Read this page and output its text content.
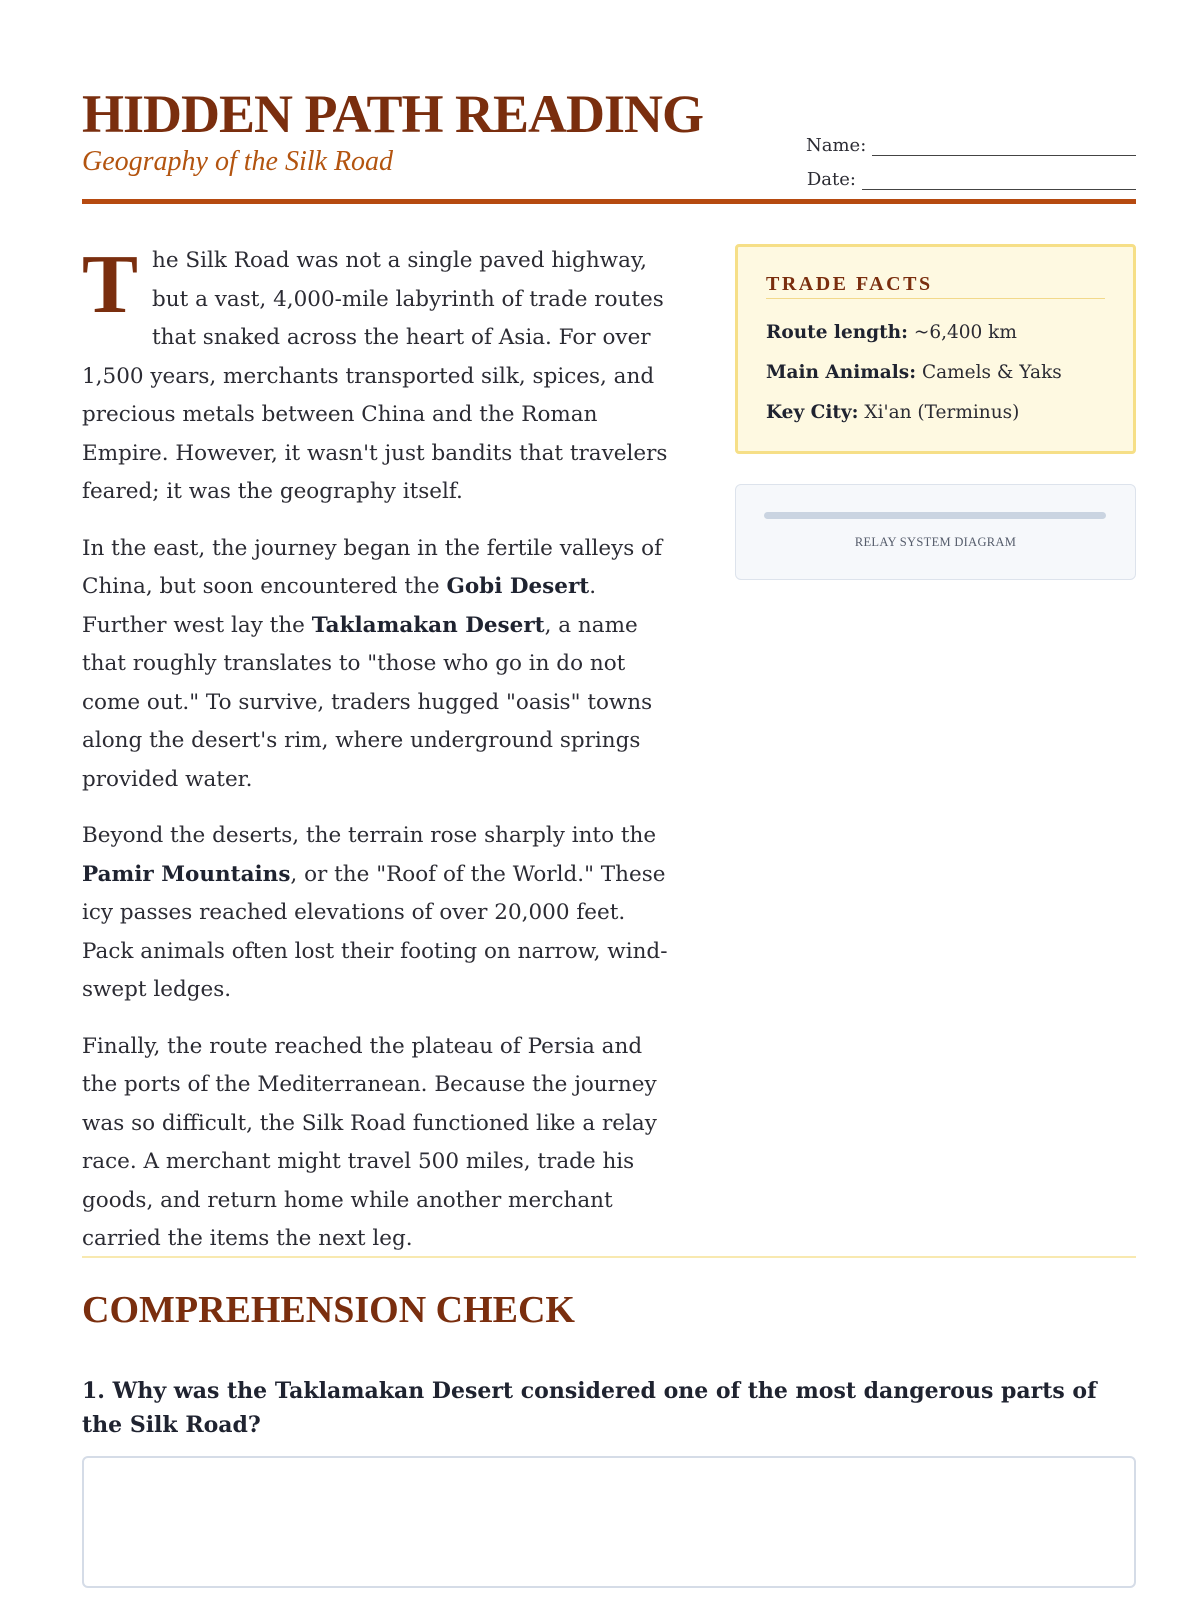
HIDDEN PATH READING
Geography of the Silk Road
Name:
Date:

The Silk Road was not a single paved highway, but a vast, 4,000-mile labyrinth of trade routes that snaked across the heart of Asia. For over 1,500 years, merchants transported silk, spices, and precious metals between China and the Roman Empire. However, it wasn't just bandits that travelers feared; it was the geography itself.

In the east, the journey began in the fertile valleys of China, but soon encountered the Gobi Desert. Further west lay the Taklamakan Desert, a name that roughly translates to "those who go in do not come out." To survive, traders hugged "oasis" towns along the desert's rim, where underground springs provided water.

Beyond the deserts, the terrain rose sharply into the Pamir Mountains, or the "Roof of the World." These icy passes reached elevations of over 20,000 feet. Pack animals often lost their footing on narrow, wind-swept ledges.

Finally, the route reached the plateau of Persia and the ports of the Mediterranean. Because the journey was so difficult, the Silk Road functioned like a relay race. A merchant might travel 500 miles, trade his goods, and return home while another merchant carried the items the next leg.

TRADE FACTS
Route length: ~6,400 km
Main Animals: Camels & Yaks
Key City: Xi'an (Terminus)
RELAY SYSTEM DIAGRAM
COMPREHENSION CHECK

1. Why was the Taklamakan Desert considered one of the most dangerous parts of the Silk Road?
